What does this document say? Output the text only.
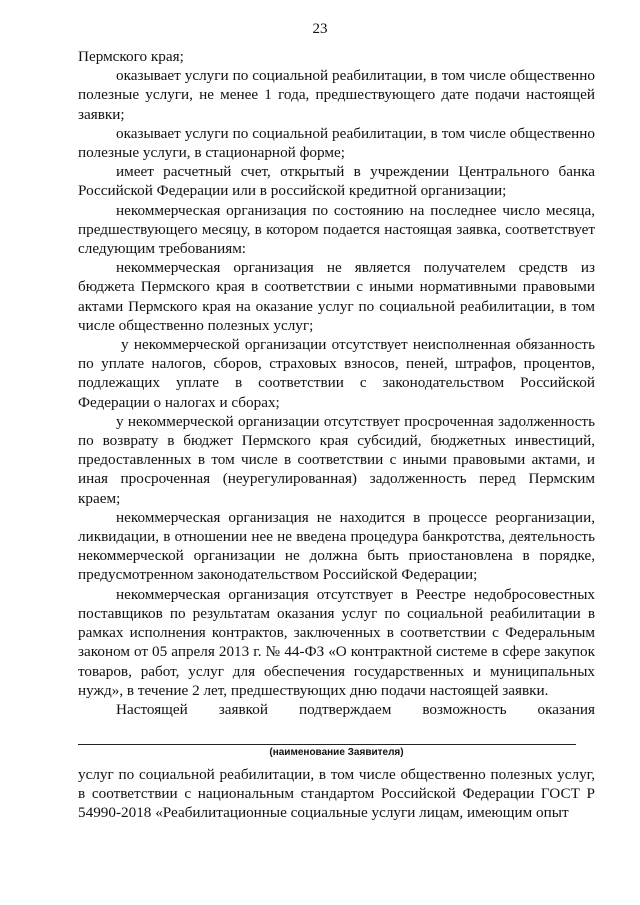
23

Пермского края;

оказывает услуги по социальной реабилитации, в том числе общественно полезные услуги, не менее 1 года, предшествующего дате подачи настоящей заявки;

оказывает услуги по социальной реабилитации, в том числе общественно полезные услуги, в стационарной форме;

имеет расчетный счет, открытый в учреждении Центрального банка Российской Федерации или в российской кредитной организации;

некоммерческая организация по состоянию на последнее число месяца, предшествующего месяцу, в котором подается настоящая заявка, соответствует следующим требованиям:

некоммерческая организация не является получателем средств из бюджета Пермского края в соответствии с иными нормативными правовыми актами Пермского края на оказание услуг по социальной реабилитации, в том числе общественно полезных услуг;

у некоммерческой организации отсутствует неисполненная обязанность по уплате налогов, сборов, страховых взносов, пеней, штрафов, процентов, подлежащих уплате в соответствии с законодательством Российской Федерации о налогах и сборах;

у некоммерческой организации отсутствует просроченная задолженность по возврату в бюджет Пермского края субсидий, бюджетных инвестиций, предоставленных в том числе в соответствии с иными правовыми актами, и иная просроченная (неурегулированная) задолженность перед Пермским краем;

некоммерческая организация не находится в процессе реорганизации, ликвидации, в отношении нее не введена процедура банкротства, деятельность некоммерческой организации не должна быть приостановлена в порядке, предусмотренном законодательством Российской Федерации;

некоммерческая организация отсутствует в Реестре недобросовестных поставщиков по результатам оказания услуг по социальной реабилитации в рамках исполнения контрактов, заключенных в соответствии с Федеральным законом от 05 апреля 2013 г. № 44-ФЗ «О контрактной системе в сфере закупок товаров, работ, услуг для обеспечения государственных и муниципальных нужд», в течение 2 лет, предшествующих дню подачи настоящей заявки.

Настоящей заявкой подтверждаем возможность оказания

(наименование Заявителя)

услуг по социальной реабилитации, в том числе общественно полезных услуг, в соответствии с национальным стандартом Российской Федерации ГОСТ Р 54990-2018 «Реабилитационные социальные услуги лицам, имеющим опыт
